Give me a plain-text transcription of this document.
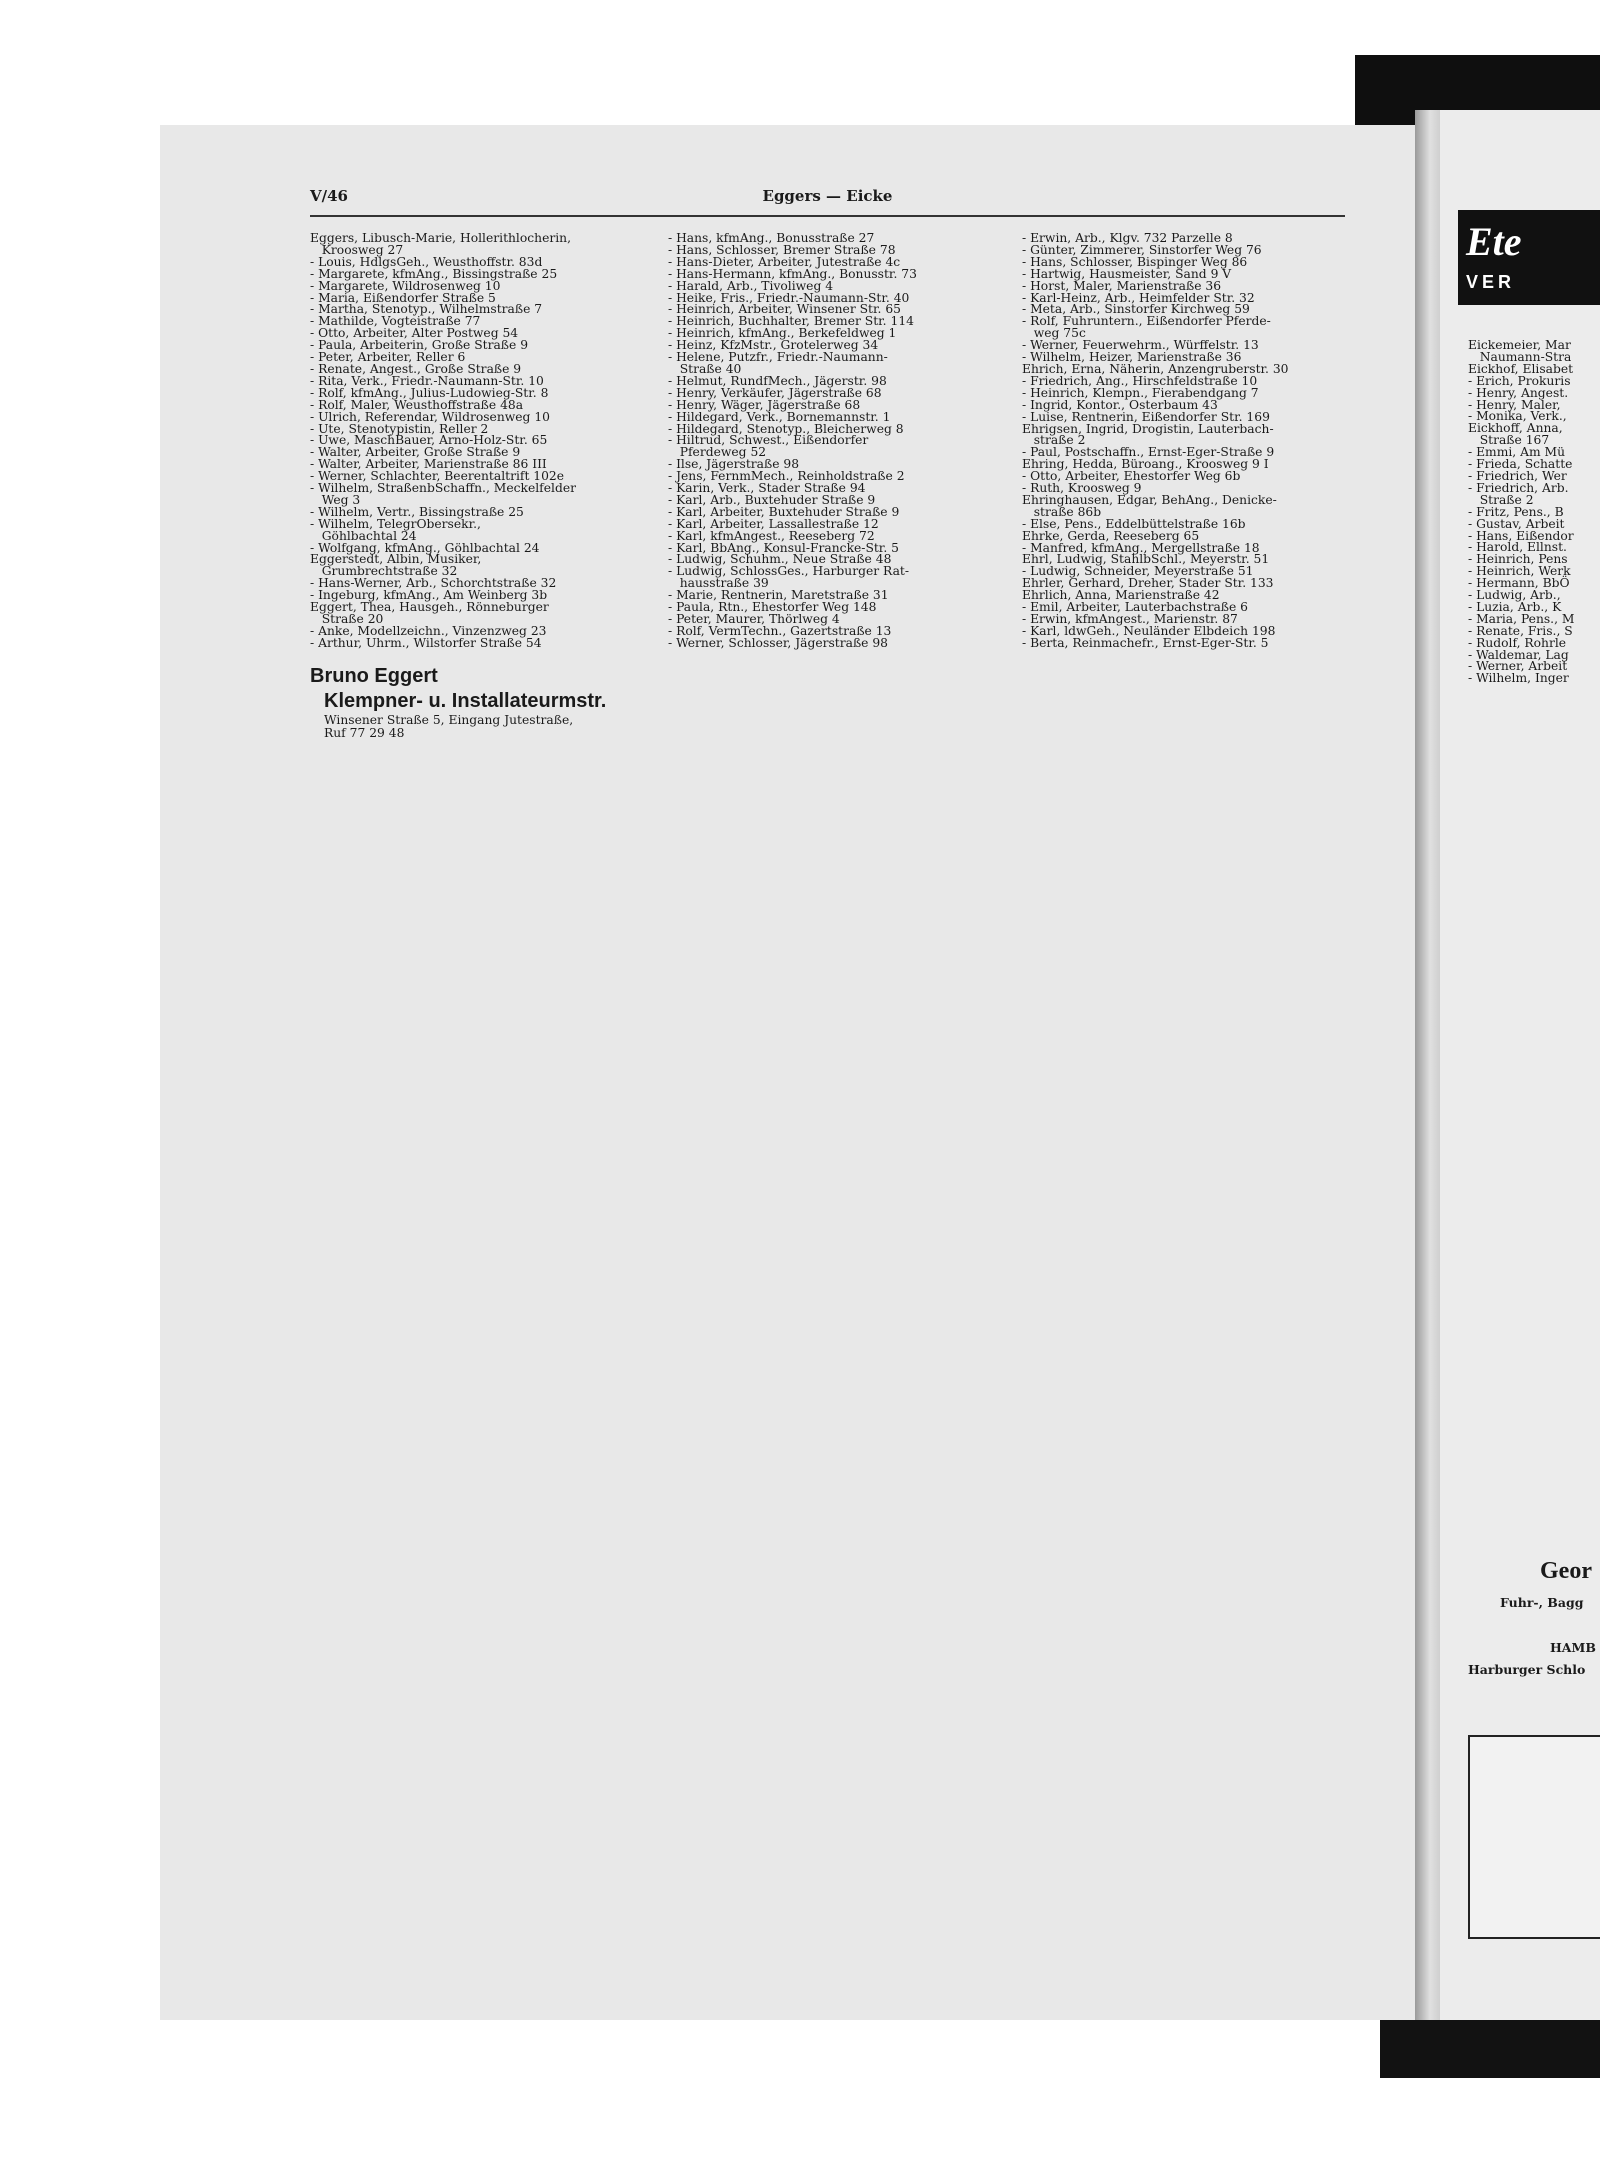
V/46	Eggers — Eicke
Eggers, Libusch-Marie, Hollerithlocherin,
Kroosweg 27
- Louis, HdlgsGeh., Weusthoffstr. 83d
- Margarete, kfmAng., Bissingstraße 25
- Margarete, Wildrosenweg 10
- Maria, Eißendorfer Straße 5
- Martha, Stenotyp., Wilhelmstraße 7
- Mathilde, Vogteistraße 77
- Otto, Arbeiter, Alter Postweg 54
- Paula, Arbeiterin, Große Straße 9
- Peter, Arbeiter, Reller 6
- Renate, Angest., Große Straße 9
- Rita, Verk., Friedr.-Naumann-Str. 10
- Rolf, kfmAng., Julius-Ludowieg-Str. 8
- Rolf, Maler, Weusthoffstraße 48a
- Ulrich, Referendar, Wildrosenweg 10
- Ute, Stenotypistin, Reller 2
- Uwe, MaschBauer, Arno-Holz-Str. 65
- Walter, Arbeiter, Große Straße 9
- Walter, Arbeiter, Marienstraße 86 III
- Werner, Schlachter, Beerentaltrift 102e
- Wilhelm, StraßenbSchaffn., Meckelfelder
Weg 3
- Wilhelm, Vertr., Bissingstraße 25
- Wilhelm, TelegrObersekr.,
Göhlbachtal 24
- Wolfgang, kfmAng., Göhlbachtal 24
Eggerstedt, Albin, Musiker,
Grumbrechtstraße 32
- Hans-Werner, Arb., Schorchtstraße 32
- Ingeburg, kfmAng., Am Weinberg 3b
Eggert, Thea, Hausgeh., Rönneburger
Straße 20
- Anke, Modellzeichn., Vinzenzweg 23
- Arthur, Uhrm., Wilstorfer Straße 54
Bruno Eggert
Klempner- u. Installateurmstr.
Winsener Straße 5, Eingang Jutestraße,
Ruf 77 29 48
- Hans, kfmAng., Bonusstraße 27
- Hans, Schlosser, Bremer Straße 78
- Hans-Dieter, Arbeiter, Jutestraße 4c
- Hans-Hermann, kfmAng., Bonusstr. 73
- Harald, Arb., Tivoliweg 4
- Heike, Fris., Friedr.-Naumann-Str. 40
- Heinrich, Arbeiter, Winsener Str. 65
- Heinrich, Buchhalter, Bremer Str. 114
- Heinrich, kfmAng., Berkefeldweg 1
- Heinz, KfzMstr., Grotelerweg 34
- Helene, Putzfr., Friedr.-Naumann-
Straße 40
- Helmut, RundfMech., Jägerstr. 98
- Henry, Verkäufer, Jägerstraße 68
- Henry, Wäger, Jägerstraße 68
- Hildegard, Verk., Bornemannstr. 1
- Hildegard, Stenotyp., Bleicherweg 8
- Hiltrud, Schwest., Eißendorfer
Pferdeweg 52
- Ilse, Jägerstraße 98
- Jens, FernmMech., Reinholdstraße 2
- Karin, Verk., Stader Straße 94
- Karl, Arb., Buxtehuder Straße 9
- Karl, Arbeiter, Buxtehuder Straße 9
- Karl, Arbeiter, Lassallestraße 12
- Karl, kfmAngest., Reeseberg 72
- Karl, BbAng., Konsul-Francke-Str. 5
- Ludwig, Schuhm., Neue Straße 48
- Ludwig, SchlossGes., Harburger Rat-
hausstraße 39
- Marie, Rentnerin, Maretstraße 31
- Paula, Rtn., Ehestorfer Weg 148
- Peter, Maurer, Thörlweg 4
- Rolf, VermTechn., Gazertstraße 13
- Werner, Schlosser, Jägerstraße 98
- Erwin, Arb., Klgv. 732 Parzelle 8
- Günter, Zimmerer, Sinstorfer Weg 76
- Hans, Schlosser, Bispinger Weg 86
- Hartwig, Hausmeister, Sand 9 V
- Horst, Maler, Marienstraße 36
- Karl-Heinz, Arb., Heimfelder Str. 32
- Meta, Arb., Sinstorfer Kirchweg 59
- Rolf, Fuhruntern., Eißendorfer Pferde-
weg 75c
- Werner, Feuerwehrm., Würffelstr. 13
- Wilhelm, Heizer, Marienstraße 36
Ehrich, Erna, Näherin, Anzengruberstr. 30
- Friedrich, Ang., Hirschfeldstraße 10
- Heinrich, Klempn., Fierabendgang 7
- Ingrid, Kontor., Osterbaum 43
- Luise, Rentnerin, Eißendorfer Str. 169
Ehrigsen, Ingrid, Drogistin, Lauterbach-
straße 2
- Paul, Postschaffn., Ernst-Eger-Straße 9
Ehring, Hedda, Büroang., Kroosweg 9 I
- Otto, Arbeiter, Ehestorfer Weg 6b
- Ruth, Kroosweg 9
Ehringhausen, Edgar, BehAng., Denicke-
straße 86b
- Else, Pens., Eddelbüttelstraße 16b
Ehrke, Gerda, Reeseberg 65
- Manfred, kfmAng., Mergellstraße 18
Ehrl, Ludwig, StahlbSchl., Meyerstr. 51
- Ludwig, Schneider, Meyerstraße 51
Ehrler, Gerhard, Dreher, Stader Str. 133
Ehrlich, Anna, Marienstraße 42
- Emil, Arbeiter, Lauterbachstraße 6
- Erwin, kfmAngest., Marienstr. 87
- Karl, ldwGeh., Neuländer Elbdeich 198
- Berta, Reinmachefr., Ernst-Eger-Str. 5
Ete
VER
Eickemeier, Mar
Naumann-Stra
Eickhof, Elisabet
- Erich, Prokuris
- Henry, Angest.
- Henry, Maler,
- Monika, Verk.,
Eickhoff, Anna,
Straße 167
- Emmi, Am Mü
- Frieda, Schatte
- Friedrich, Wer
- Friedrich, Arb.
Straße 2
- Fritz, Pens., B
- Gustav, Arbeit
- Hans, Eißendor
- Harold, Ellnst.
- Heinrich, Pens
- Heinrich, Werk
- Hermann, BbÖ
- Ludwig, Arb.,
- Luzia, Arb., K
- Maria, Pens., M
- Renate, Fris., S
- Rudolf, Rohrle
- Waldemar, Lag
- Werner, Arbeit
- Wilhelm, Inger
Geor
Fuhr-, Bagg
HAMB
Harburger Schlo
